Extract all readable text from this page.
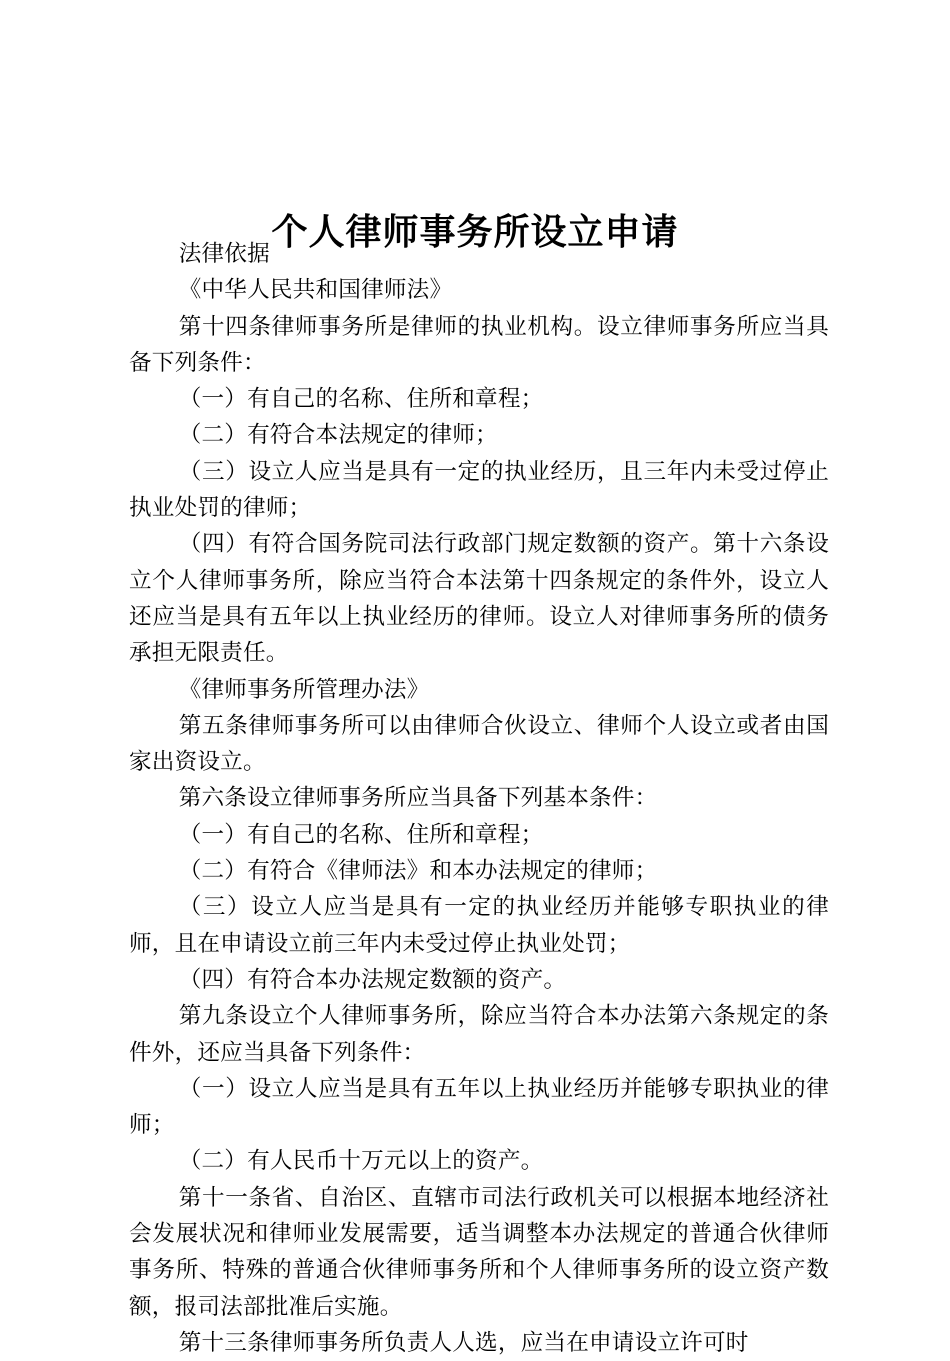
个人律师事务所设立申请

法律依据

《中华人民共和国律师法》

第十四条律师事务所是律师的执业机构。设立律师事务所应当具备下列条件：

（一）有自己的名称、住所和章程；

（二）有符合本法规定的律师；

（三）设立人应当是具有一定的执业经历，且三年内未受过停止执业处罚的律师；

（四）有符合国务院司法行政部门规定数额的资产。第十六条设立个人律师事务所，除应当符合本法第十四条规定的条件外，设立人还应当是具有五年以上执业经历的律师。设立人对律师事务所的债务承担无限责任。

《律师事务所管理办法》

第五条律师事务所可以由律师合伙设立、律师个人设立或者由国家出资设立。

第六条设立律师事务所应当具备下列基本条件：

（一）有自己的名称、住所和章程；

（二）有符合《律师法》和本办法规定的律师；

（三）设立人应当是具有一定的执业经历并能够专职执业的律师，且在申请设立前三年内未受过停止执业处罚；

（四）有符合本办法规定数额的资产。

第九条设立个人律师事务所，除应当符合本办法第六条规定的条件外，还应当具备下列条件：

（一）设立人应当是具有五年以上执业经历并能够专职执业的律师；

（二）有人民币十万元以上的资产。

第十一条省、自治区、直辖市司法行政机关可以根据本地经济社会发展状况和律师业发展需要，适当调整本办法规定的普通合伙律师事务所、特殊的普通合伙律师事务所和个人律师事务所的设立资产数额，报司法部批准后实施。

第十三条律师事务所负责人人选，应当在申请设立许可时
